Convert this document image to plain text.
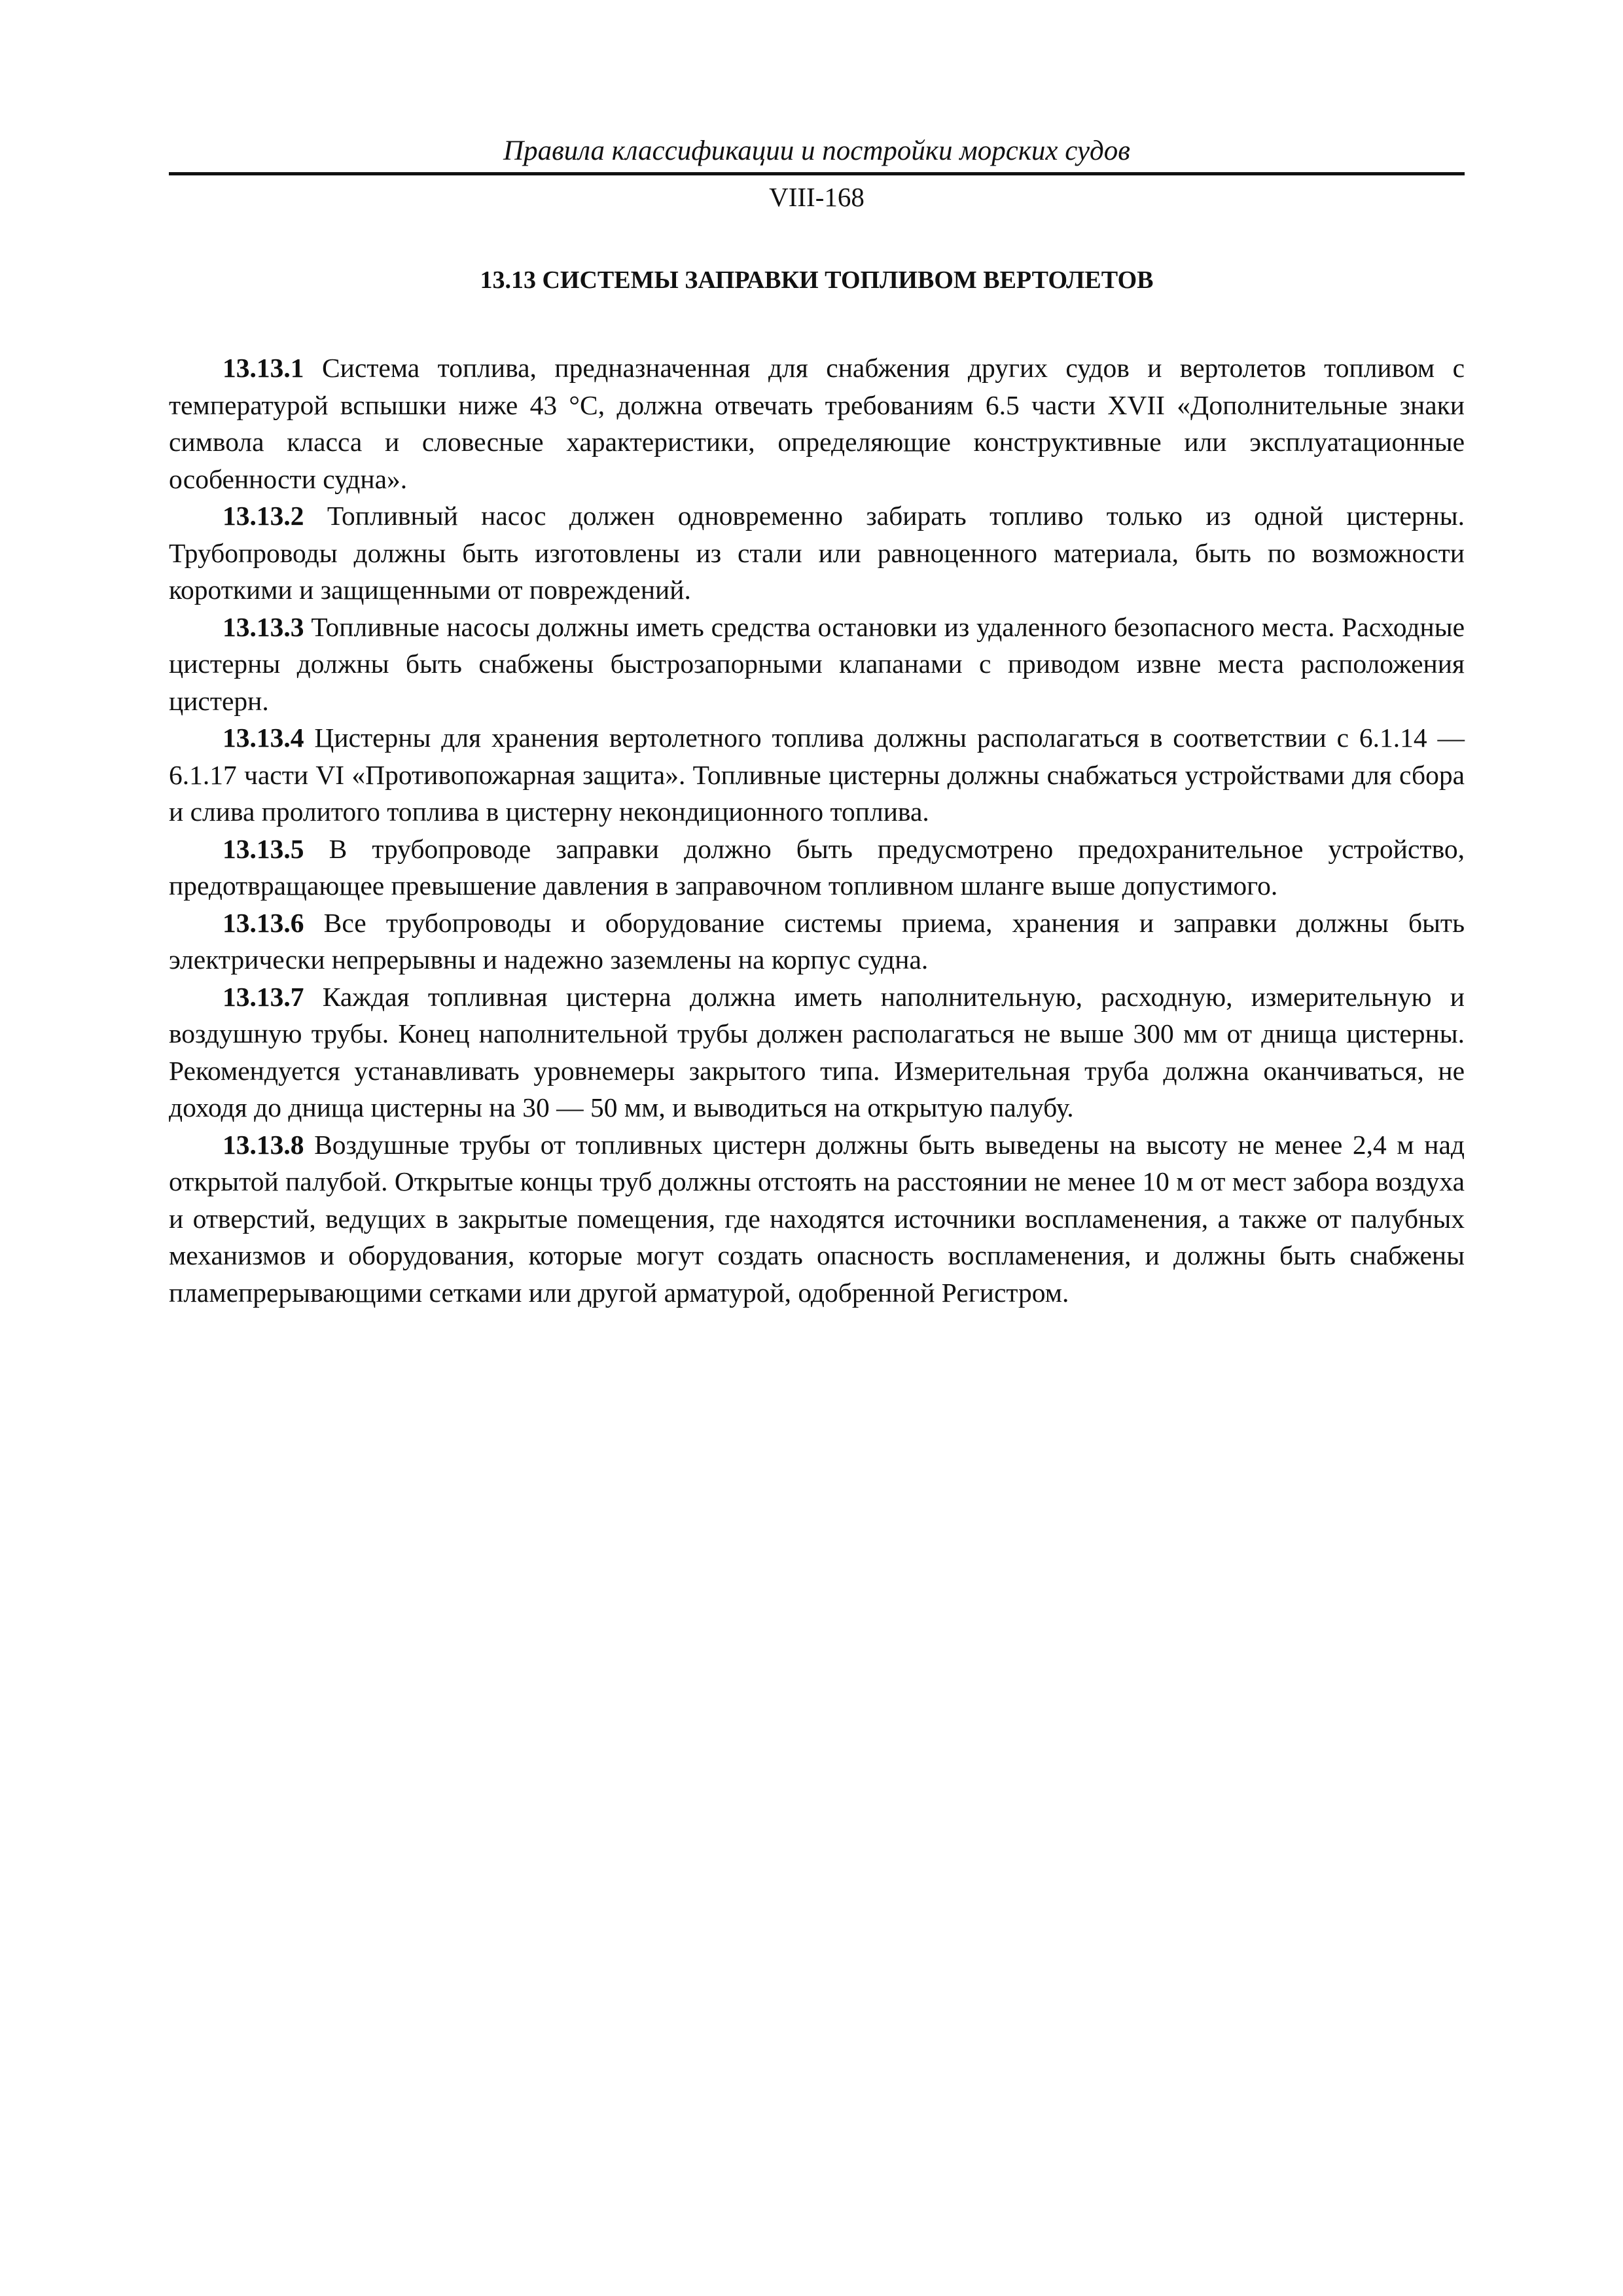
Правила классификации и постройки морских судов
VIII-168
13.13 СИСТЕМЫ ЗАПРАВКИ ТОПЛИВОМ ВЕРТОЛЕТОВ

13.13.1 Система топлива, предназначенная для снабжения других судов и вертолетов топливом с температурой вспышки ниже 43 °С, должна отвечать требованиям 6.5 части XVII «Дополнительные знаки символа класса и словесные характеристики, определяющие конструктивные или эксплуатационные особенности судна».

13.13.2 Топливный насос должен одновременно забирать топливо только из одной цистерны. Трубопроводы должны быть изготовлены из стали или равноценного материала, быть по возможности короткими и защищенными от повреждений.

13.13.3 Топливные насосы должны иметь средства остановки из удаленного безопасного места. Расходные цистерны должны быть снабжены быстрозапорными клапанами с приводом извне места расположения цистерн.

13.13.4 Цистерны для хранения вертолетного топлива должны располагаться в соответствии с 6.1.14 — 6.1.17 части VI «Противопожарная защита». Топливные цистерны должны снабжаться устройствами для сбора и слива пролитого топлива в цистерну некондиционного топлива.

13.13.5 В трубопроводе заправки должно быть предусмотрено предохранительное устройство, предотвращающее превышение давления в заправочном топливном шланге выше допустимого.

13.13.6 Все трубопроводы и оборудование системы приема, хранения и заправки должны быть электрически непрерывны и надежно заземлены на корпус судна.

13.13.7 Каждая топливная цистерна должна иметь наполнительную, расходную, измерительную и воздушную трубы. Конец наполнительной трубы должен располагаться не выше 300 мм от днища цистерны. Рекомендуется устанавливать уровнемеры закрытого типа. Измерительная труба должна оканчиваться, не доходя до днища цистерны на 30 — 50 мм, и выводиться на открытую палубу.

13.13.8 Воздушные трубы от топливных цистерн должны быть выведены на высоту не менее 2,4 м над открытой палубой. Открытые концы труб должны отстоять на расстоянии не менее 10 м от мест забора воздуха и отверстий, ведущих в закрытые помещения, где находятся источники воспламенения, а также от палубных механизмов и оборудования, которые могут создать опасность воспламенения, и должны быть снабжены пламепрерывающими сетками или другой арматурой, одобренной Регистром.
